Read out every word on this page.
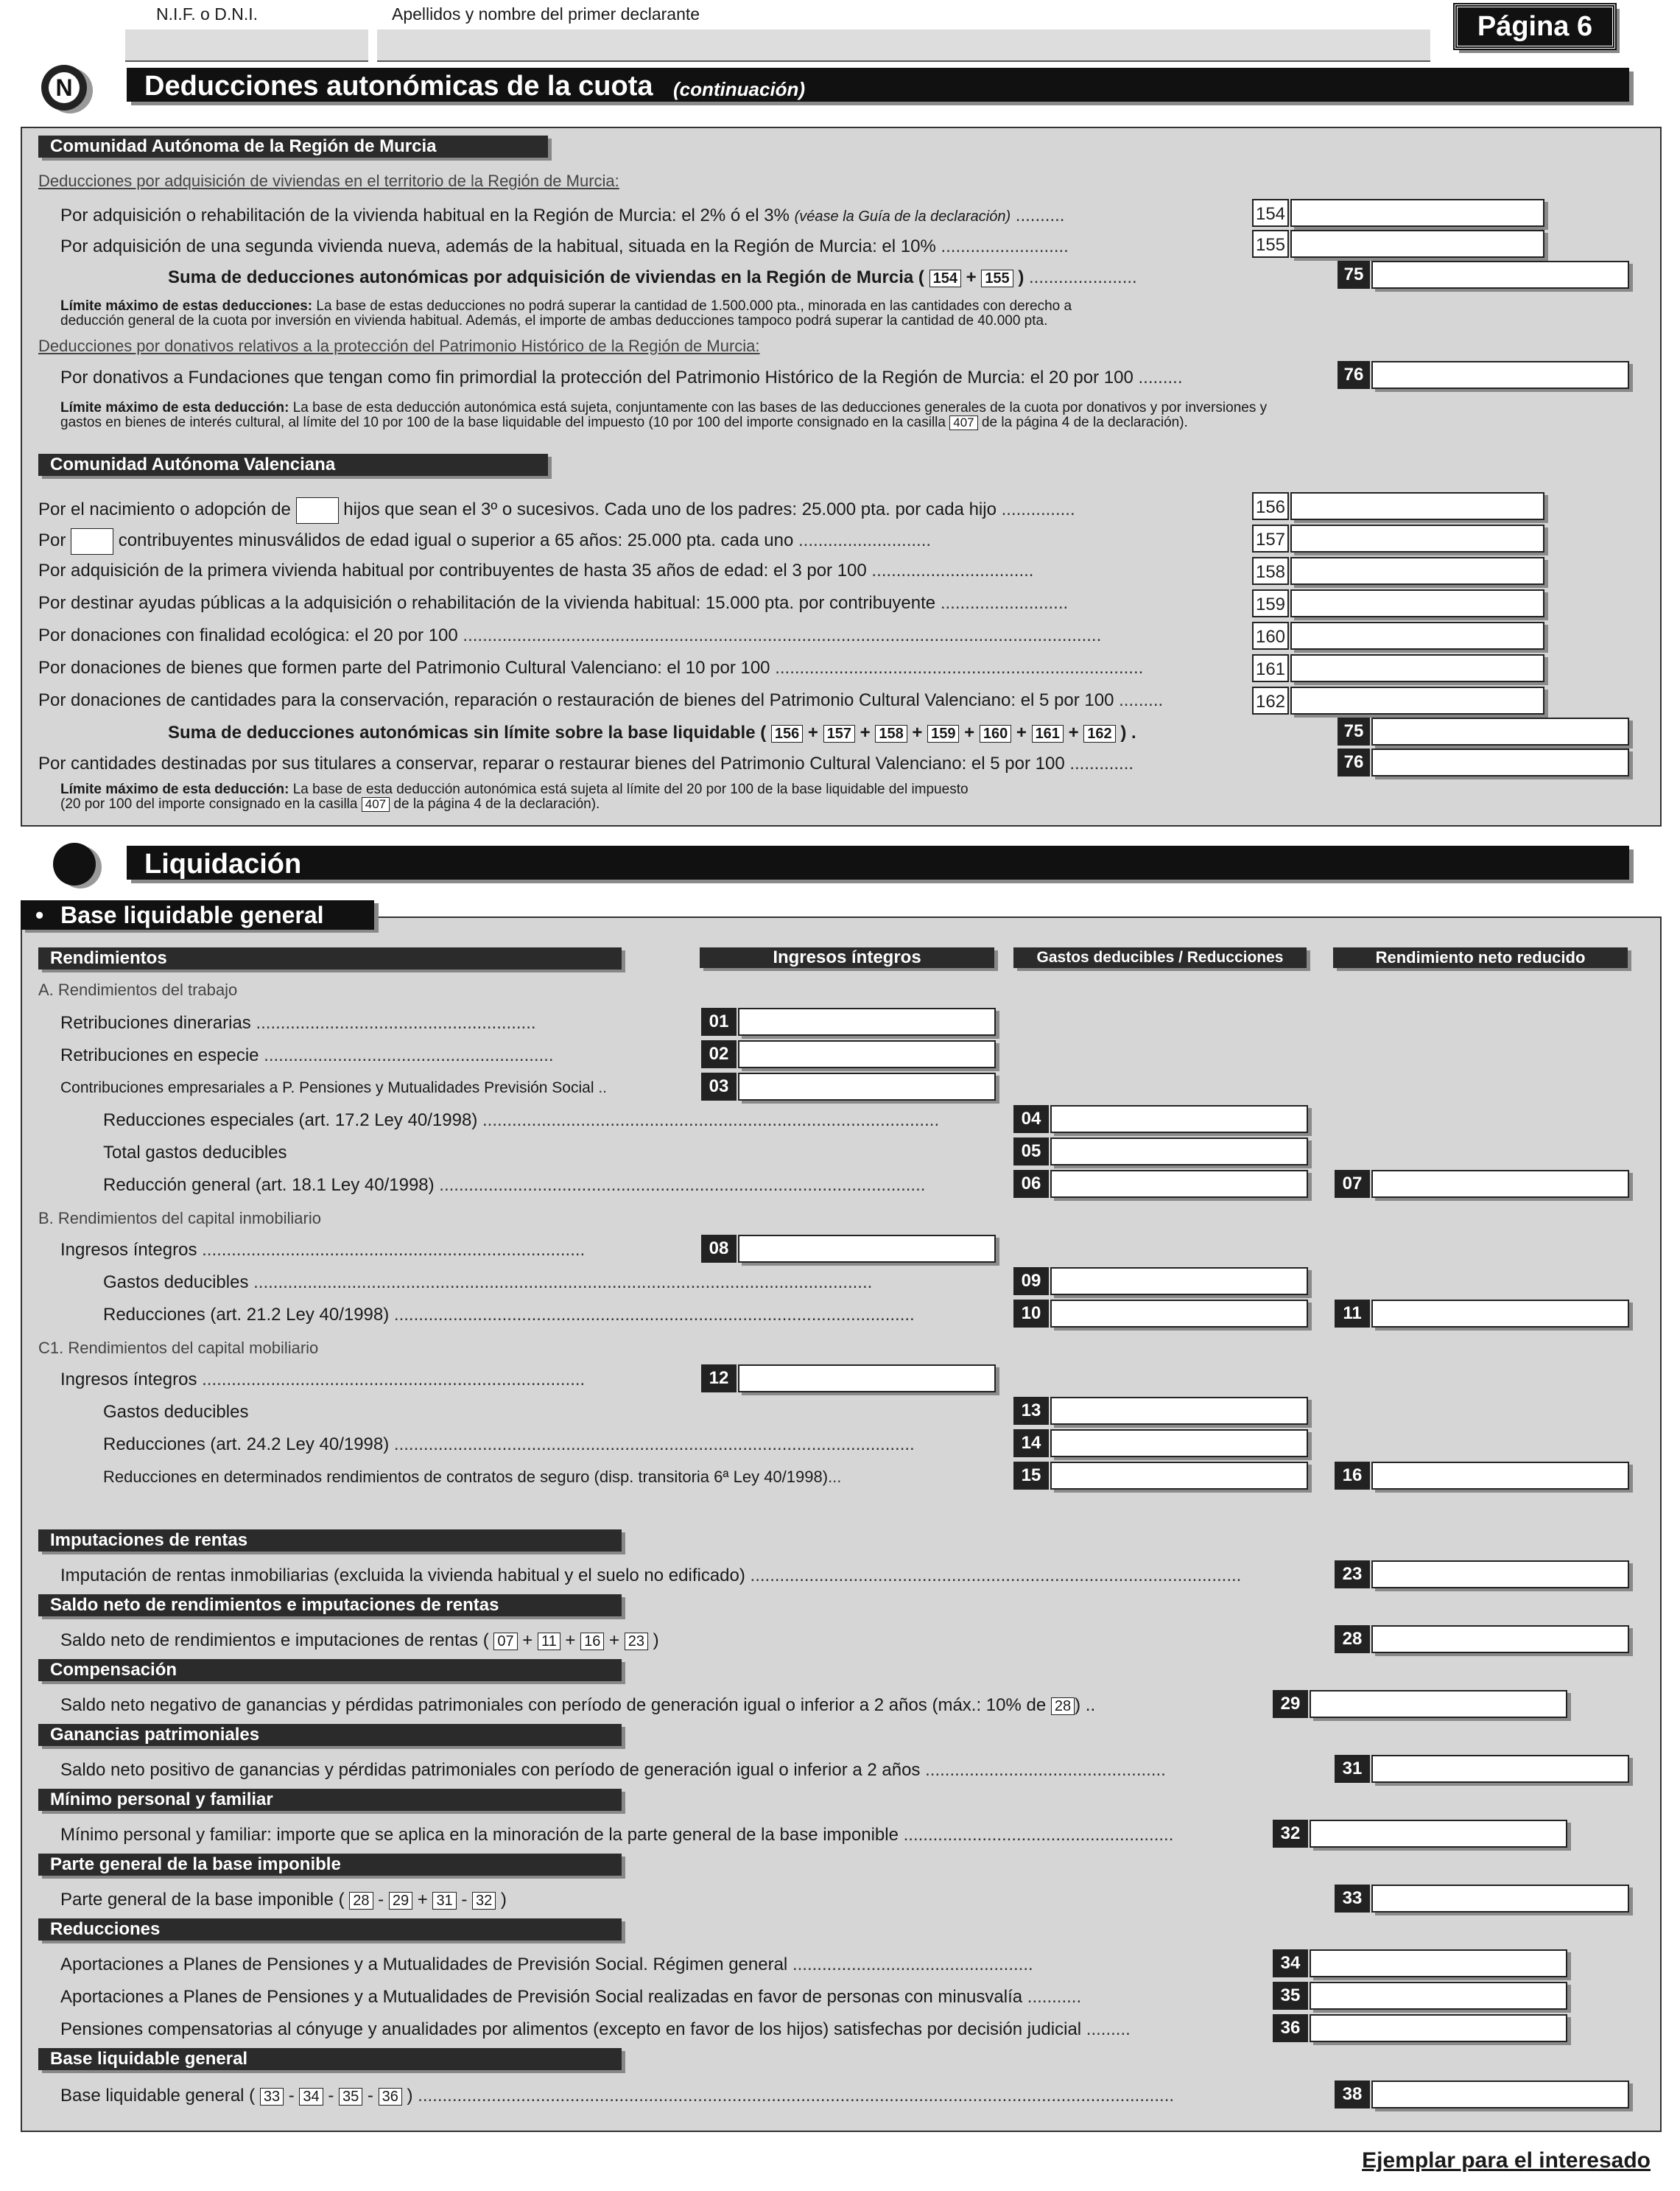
N.I.F. o D.N.I.	Apellidos y nombre del primer declarante	Página 6
N	Deducciones autonómicas de la cuota (continuación)
Comunidad Autónoma de la Región de Murcia
Deducciones por adquisición de viviendas en el territorio de la Región de Murcia:
Por adquisición o rehabilitación de la vivienda habitual en la Región de Murcia: el 2% ó el 3% (véase la Guía de la declaración) ..........	154
Por adquisición de una segunda vivienda nueva, además de la habitual, situada en la Región de Murcia: el 10% ..........................	155
Suma de deducciones autonómicas por adquisición de viviendas en la Región de Murcia ( 154 + 155 ) ......................	75
Límite máximo de estas deducciones: La base de estas deducciones no podrá superar la cantidad de 1.500.000 pta., minorada en las cantidades con derecho a
deducción general de la cuota por inversión en vivienda habitual. Además, el importe de ambas deducciones tampoco podrá superar la cantidad de 40.000 pta.
Deducciones por donativos relativos a la protección del Patrimonio Histórico de la Región de Murcia:
Por donativos a Fundaciones que tengan como fin primordial la protección del Patrimonio Histórico de la Región de Murcia: el 20 por 100 .........	76
Límite máximo de esta deducción: La base de esta deducción autonómica está sujeta, conjuntamente con las bases de las deducciones generales de la cuota por donativos y por inversiones y
gastos en bienes de interés cultural, al límite del 10 por 100 de la base liquidable del impuesto (10 por 100 del importe consignado en la casilla 407 de la página 4 de la declaración).
Comunidad Autónoma Valenciana
Por el nacimiento o adopción de	hijos que sean el 3º o sucesivos. Cada uno de los padres: 25.000 pta. por cada hijo ...............	156
Por	contribuyentes minusválidos de edad igual o superior a 65 años: 25.000 pta. cada uno ...........................	157
Por adquisición de la primera vivienda habitual por contribuyentes de hasta 35 años de edad: el 3 por 100 .................................	158
Por destinar ayudas públicas a la adquisición o rehabilitación de la vivienda habitual: 15.000 pta. por contribuyente ..........................	159
Por donaciones con finalidad ecológica: el 20 por 100 ..................................................................................................................................	160
Por donaciones de bienes que formen parte del Patrimonio Cultural Valenciano: el 10 por 100 ...........................................................................	161
Por donaciones de cantidades para la conservación, reparación o restauración de bienes del Patrimonio Cultural Valenciano: el 5 por 100 .........	162
Suma de deducciones autonómicas sin límite sobre la base liquidable ( 156 + 157 + 158 + 159 + 160 + 161 + 162 ) .	75
Por cantidades destinadas por sus titulares a conservar, reparar o restaurar bienes del Patrimonio Cultural Valenciano: el 5 por 100 .............	76
Límite máximo de esta deducción: La base de esta deducción autonómica está sujeta al límite del 20 por 100 de la base liquidable del impuesto
(20 por 100 del importe consignado en la casilla 407 de la página 4 de la declaración).
Liquidación
• Base liquidable general
Rendimientos	Ingresos íntegros	Gastos deducibles / Reducciones	Rendimiento neto reducido
A. Rendimientos del trabajo
Retribuciones dinerarias .........................................................	01
Retribuciones en especie ...........................................................	02
Contribuciones empresariales a P. Pensiones y Mutualidades Previsión Social ..	03
Reducciones especiales (art. 17.2 Ley 40/1998) .............................................................................................	04
Total gastos deducibles	05
Reducción general (art. 18.1 Ley 40/1998) ...................................................................................................	06	07
B. Rendimientos del capital inmobiliario
Ingresos íntegros ..............................................................................	08
Gastos deducibles ..............................................................................................................................	09
Reducciones (art. 21.2 Ley 40/1998) ..........................................................................................................	10	11
C1. Rendimientos del capital mobiliario
Ingresos íntegros ..............................................................................	12
Gastos deducibles	13
Reducciones (art. 24.2 Ley 40/1998) ..........................................................................................................	14
Reducciones en determinados rendimientos de contratos de seguro (disp. transitoria 6ª Ley 40/1998)...	15	16
Imputaciones de rentas
Imputación de rentas inmobiliarias (excluida la vivienda habitual y el suelo no edificado) ....................................................................................................	23
Saldo neto de rendimientos e imputaciones de rentas
Saldo neto de rendimientos e imputaciones de rentas ( 07 + 11 + 16 + 23 )	28
Compensación
Saldo neto negativo de ganancias y pérdidas patrimoniales con período de generación igual o inferior a 2 años (máx.: 10% de 28 ) ..	29
Ganancias patrimoniales
Saldo neto positivo de ganancias y pérdidas patrimoniales con período de generación igual o inferior a 2 años .................................................	31
Mínimo personal y familiar
Mínimo personal y familiar: importe que se aplica en la minoración de la parte general de la base imponible .......................................................	32
Parte general de la base imponible
Parte general de la base imponible ( 28 - 29 + 31 - 32 )	33
Reducciones
Aportaciones a Planes de Pensiones y a Mutualidades de Previsión Social. Régimen general .................................................	34
Aportaciones a Planes de Pensiones y a Mutualidades de Previsión Social realizadas en favor de personas con minusvalía ...........	35
Pensiones compensatorias al cónyuge y anualidades por alimentos (excepto en favor de los hijos) satisfechas por decisión judicial .........	36
Base liquidable general
Base liquidable general ( 33 - 34 - 35 - 36 ) ..........................................................................................................................................................	38
Ejemplar para el interesado
